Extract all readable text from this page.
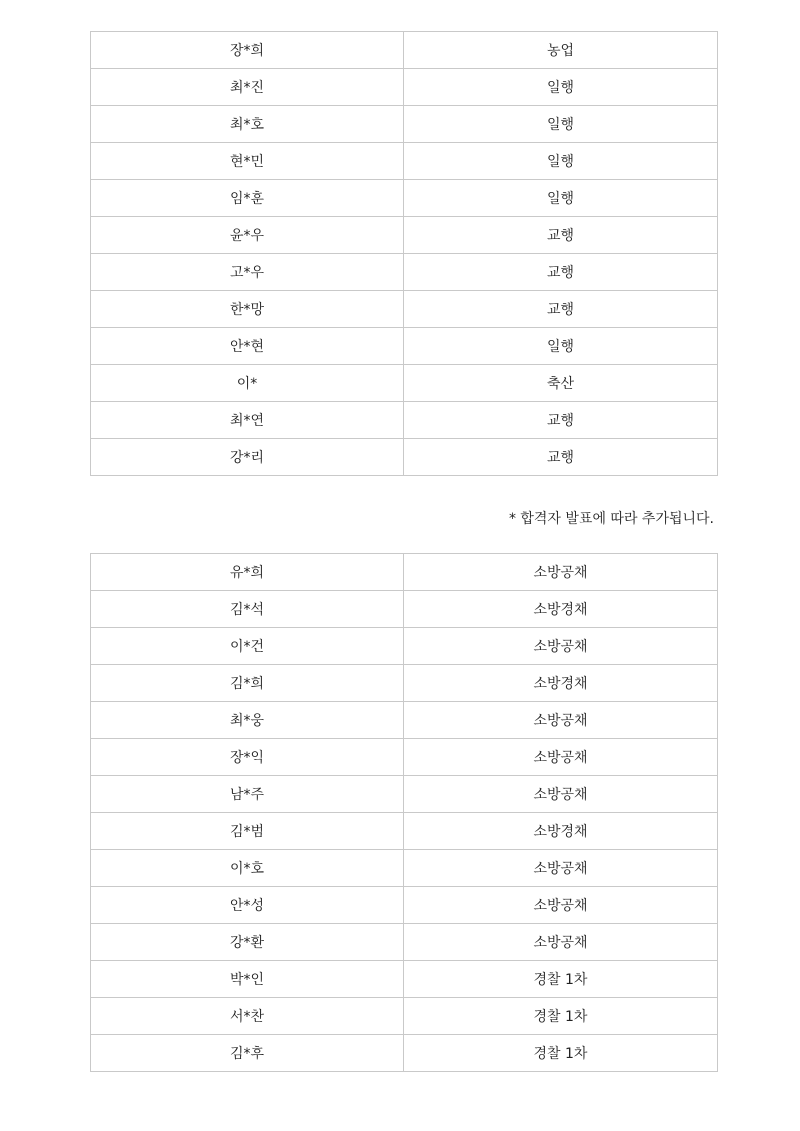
장*희	농업
최*진	일행
최*호	일행
현*민	일행
임*훈	일행
윤*우	교행
고*우	교행
한*망	교행
안*현	일행
이*	축산
최*연	교행
강*리	교행
* 합격자 발표에 따라 추가됩니다.
유*희	소방공채
김*석	소방경채
이*건	소방공채
김*희	소방경채
최*웅	소방공채
장*익	소방공채
남*주	소방공채
김*범	소방경채
이*호	소방공채
안*성	소방공채
강*환	소방공채
박*인	경찰 1차
서*찬	경찰 1차
김*후	경찰 1차
